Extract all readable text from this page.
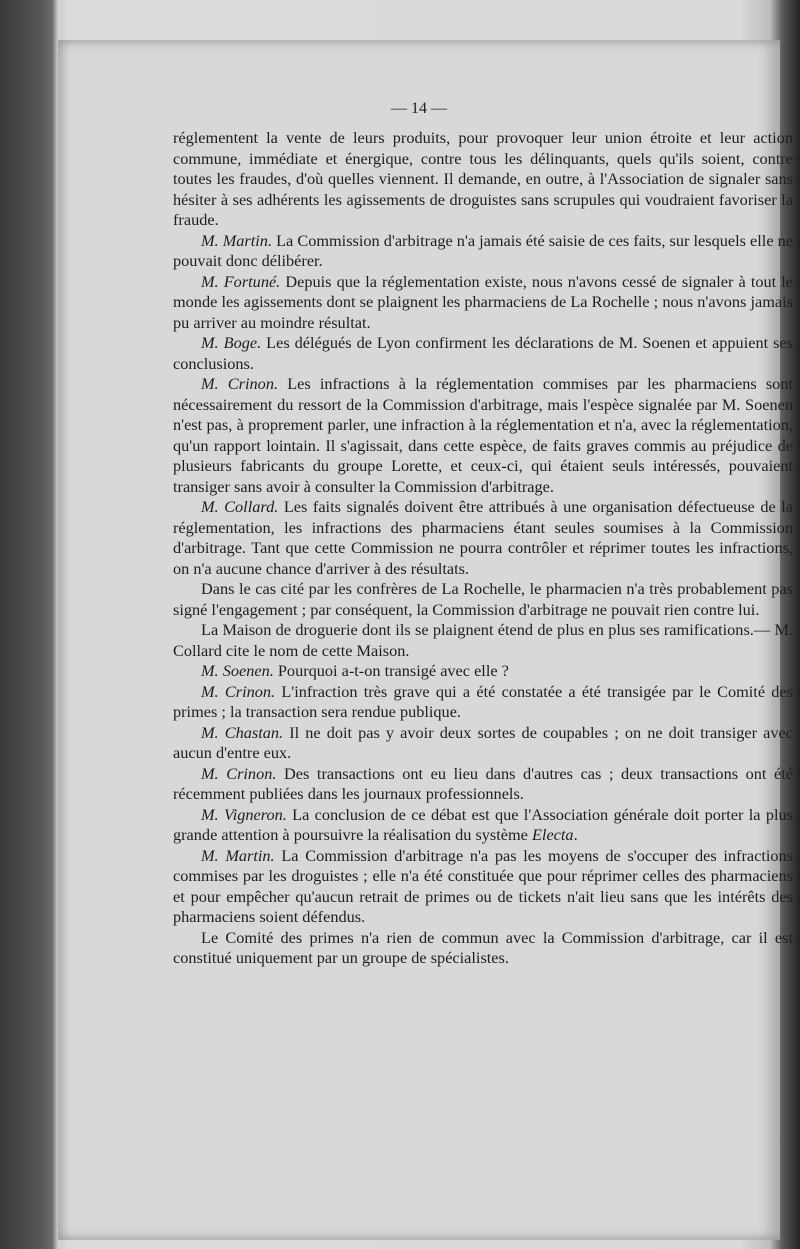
— 14 —

réglementent la vente de leurs produits, pour provoquer leur union étroite et leur action commune, immédiate et énergique, contre tous les délinquants, quels qu'ils soient, contre toutes les fraudes, d'où quelles viennent. Il demande, en outre, à l'Association de signaler sans hésiter à ses adhérents les agissements de droguistes sans scrupules qui voudraient favoriser la fraude.

M. Martin. La Commission d'arbitrage n'a jamais été saisie de ces faits, sur lesquels elle ne pouvait donc délibérer.

M. Fortuné. Depuis que la réglementation existe, nous n'avons cessé de signaler à tout le monde les agissements dont se plaignent les pharmaciens de La Rochelle ; nous n'avons jamais pu arriver au moindre résultat.

M. Boge. Les délégués de Lyon confirment les déclarations de M. Soenen et appuient ses conclusions.

M. Crinon. Les infractions à la réglementation commises par les pharmaciens sont nécessairement du ressort de la Commission d'arbitrage, mais l'espèce signalée par M. Soenen n'est pas, à proprement parler, une infraction à la réglementation et n'a, avec la réglementation, qu'un rapport lointain. Il s'agissait, dans cette espèce, de faits graves commis au préjudice de plusieurs fabricants du groupe Lorette, et ceux-ci, qui étaient seuls intéressés, pouvaient transiger sans avoir à consulter la Commission d'arbitrage.

M. Collard. Les faits signalés doivent être attribués à une organisation défectueuse de la réglementation, les infractions des pharmaciens étant seules soumises à la Commission d'arbitrage. Tant que cette Commission ne pourra contrôler et réprimer toutes les infractions, on n'a aucune chance d'arriver à des résultats.

Dans le cas cité par les confrères de La Rochelle, le pharmacien n'a très probablement pas signé l'engagement ; par conséquent, la Commission d'arbitrage ne pouvait rien contre lui.

La Maison de droguerie dont ils se plaignent étend de plus en plus ses ramifications.— M. Collard cite le nom de cette Maison.

M. Soenen. Pourquoi a-t-on transigé avec elle ?

M. Crinon. L'infraction très grave qui a été constatée a été transigée par le Comité des primes ; la transaction sera rendue publique.

M. Chastan. Il ne doit pas y avoir deux sortes de coupables ; on ne doit transiger avec aucun d'entre eux.

M. Crinon. Des transactions ont eu lieu dans d'autres cas ; deux transactions ont été récemment publiées dans les journaux professionnels.

M. Vigneron. La conclusion de ce débat est que l'Association générale doit porter la plus grande attention à poursuivre la réalisation du système Electa.

M. Martin. La Commission d'arbitrage n'a pas les moyens de s'occuper des infractions commises par les droguistes ; elle n'a été constituée que pour réprimer celles des pharmaciens et pour empêcher qu'aucun retrait de primes ou de tickets n'ait lieu sans que les intérêts des pharmaciens soient défendus.

Le Comité des primes n'a rien de commun avec la Commission d'arbitrage, car il est constitué uniquement par un groupe de spécialistes.
